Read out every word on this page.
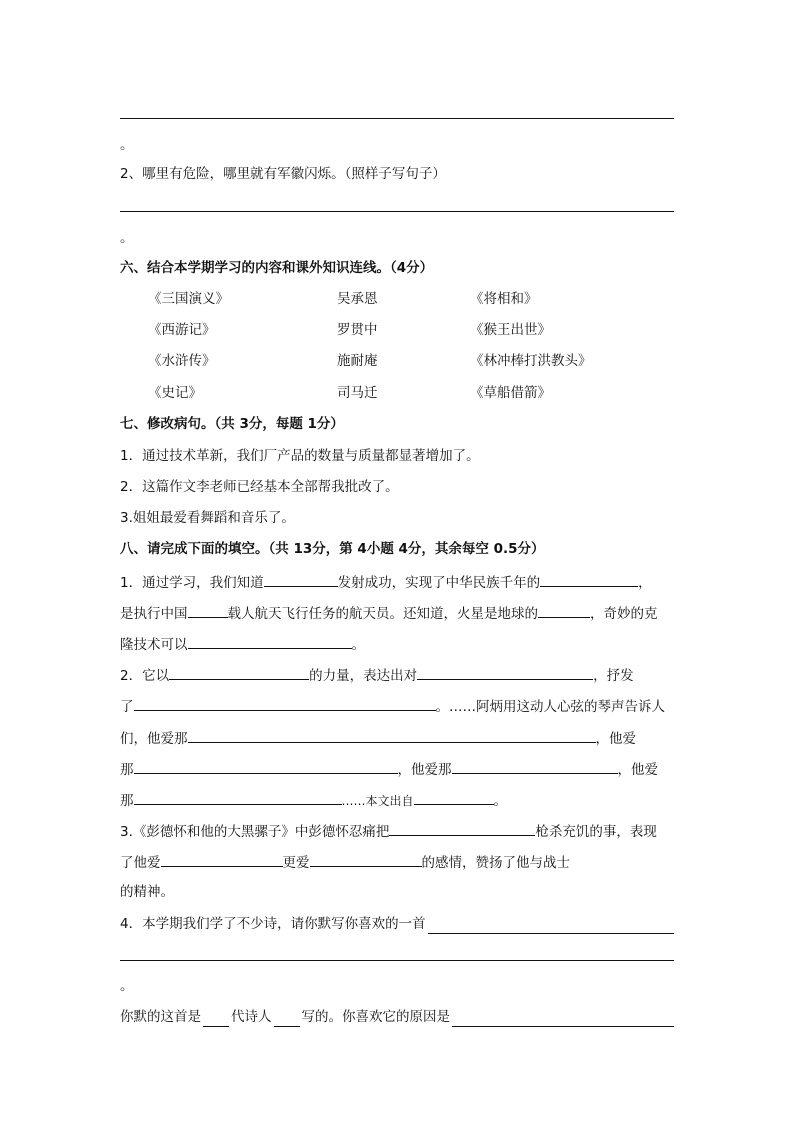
。
2、哪里有危险，哪里就有军徽闪烁。（照样子写句子）
。
六、结合本学期学习的内容和课外知识连线。（4分）
《三国演义》	吴承恩	《将相和》
《西游记》	罗贯中	《猴王出世》
《水浒传》	施耐庵	《林冲棒打洪教头》
《史记》	司马迁	《草船借箭》
七、修改病句。（共 3分，每题 1分）
1．通过技术革新，我们厂产品的数量与质量都显著增加了。
2．这篇作文李老师已经基本全部帮我批改了。
3.姐姐最爱看舞蹈和音乐了。
八、请完成下面的填空。（共 13分，第 4小题 4分，其余每空 0.5分）
1．通过学习，我们知道	发射成功，实现了中华民族千年的	，
是执行中国	载人航天飞行任务的航天员。还知道，火星是地球的	，奇妙的克
隆技术可以	。
2．它以	的力量，表达出对	，抒发
了	。……阿炳用这动人心弦的琴声告诉人
们，他爱那	，他爱
那	，他爱那	，他爱
那	……本文出自	。
3.《彭德怀和他的大黑骡子》中彭德怀忍痛把	枪杀充饥的事，表现
了他爱	更爱	的感情，赞扬了他与战士
的精神。
4．本学期我们学了不少诗，请你默写你喜欢的一首
。
你默的这首是 代诗人 写的。你喜欢它的原因是
